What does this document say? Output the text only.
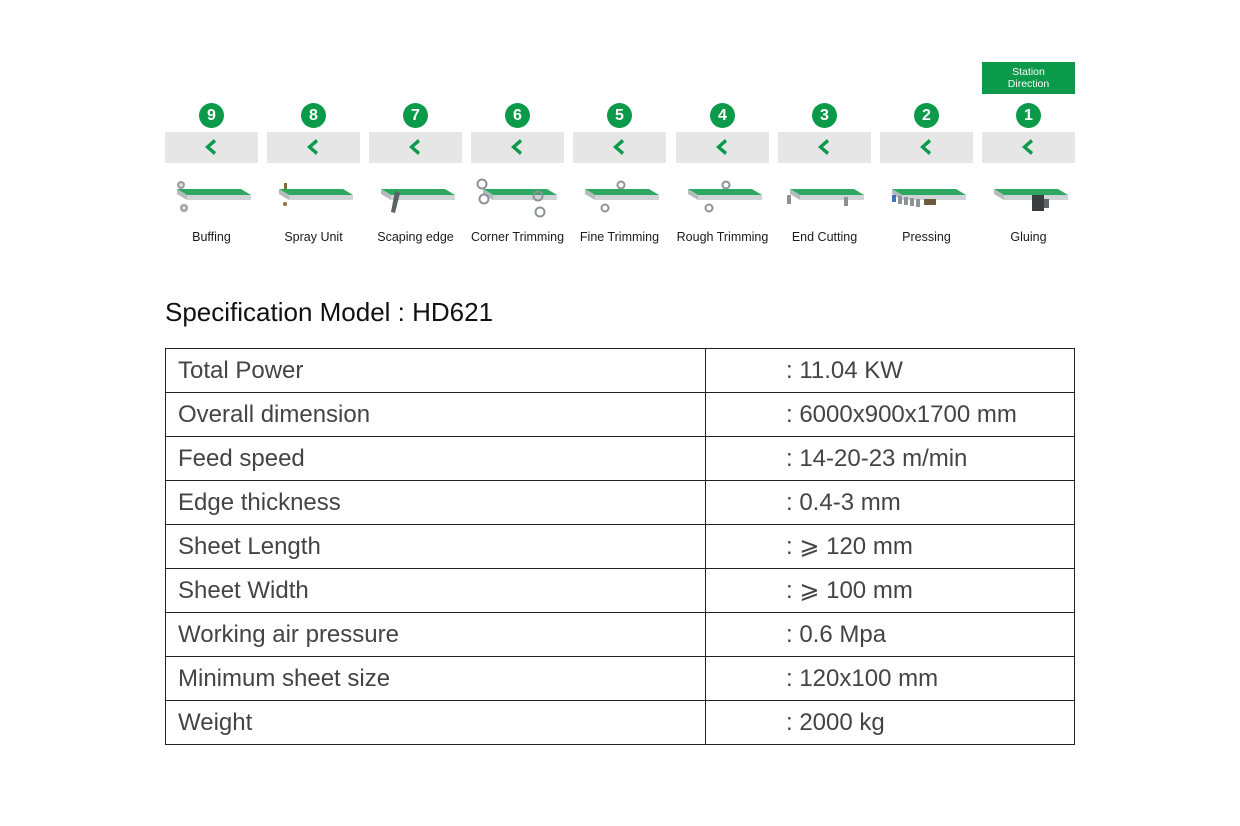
Station
Direction
9
Buffing
8
Spray Unit
7
Scaping edge
6
Corner Trimming
5
Fine Trimming
4
Rough Trimming
3
End Cutting
2
Pressing
1
Gluing
Specification Model : HD621
Total Power	: 11.04 KW
Overall dimension	: 6000x900x1700 mm
Feed speed	: 14-20-23 m/min
Edge thickness	: 0.4-3 mm
Sheet Length	: ⩾ 120 mm
Sheet Width	: ⩾ 100 mm
Working air pressure	: 0.6 Mpa
Minimum sheet size	: 120x100 mm
Weight	: 2000 kg
